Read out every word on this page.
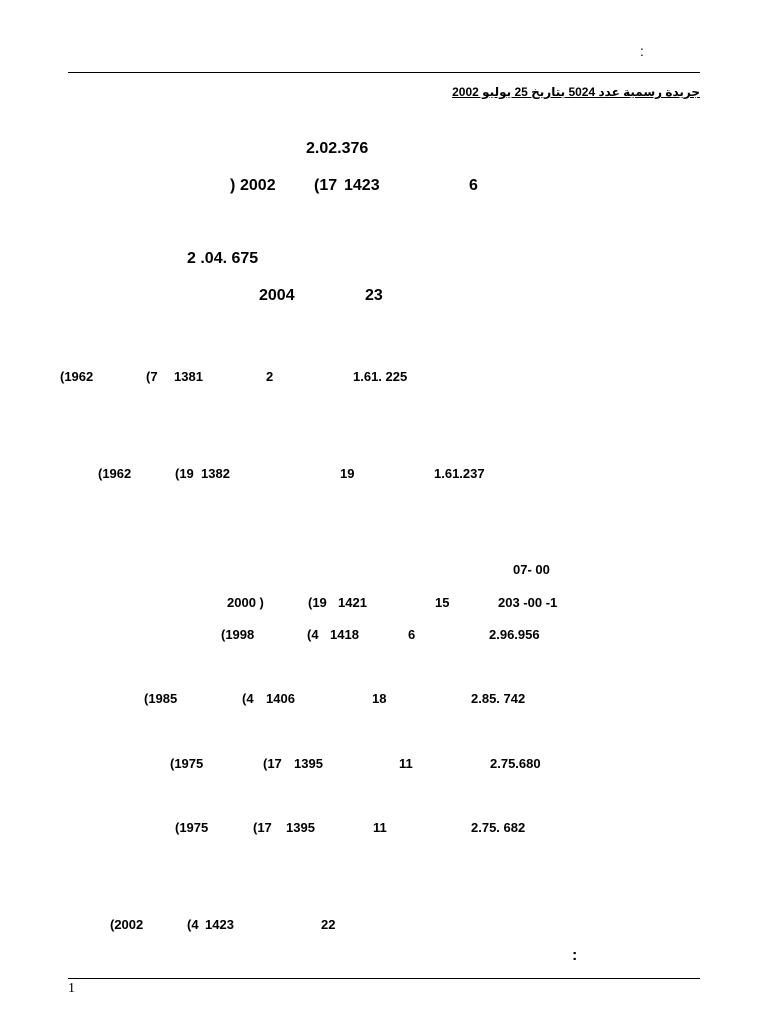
:
جريدة رسمية عدد 5024 بتاريخ 25 يوليو 2002
2.02.376
6
1423
(17
2002
)
2 .04. 675
23
2004
1.61. 225
2
1381
(7
(1962
1.61.237
19
1382
(19
(1962
07- 00
203 -00 -1
15
1421
(19
2000 )
2.96.956
6
1418
(4
(1998
2.85. 742
18
1406
(4
(1985
2.75.680
11
1395
(17
(1975
2.75. 682
11
1395
(17
(1975
22
1423
(4
(2002
:
1
